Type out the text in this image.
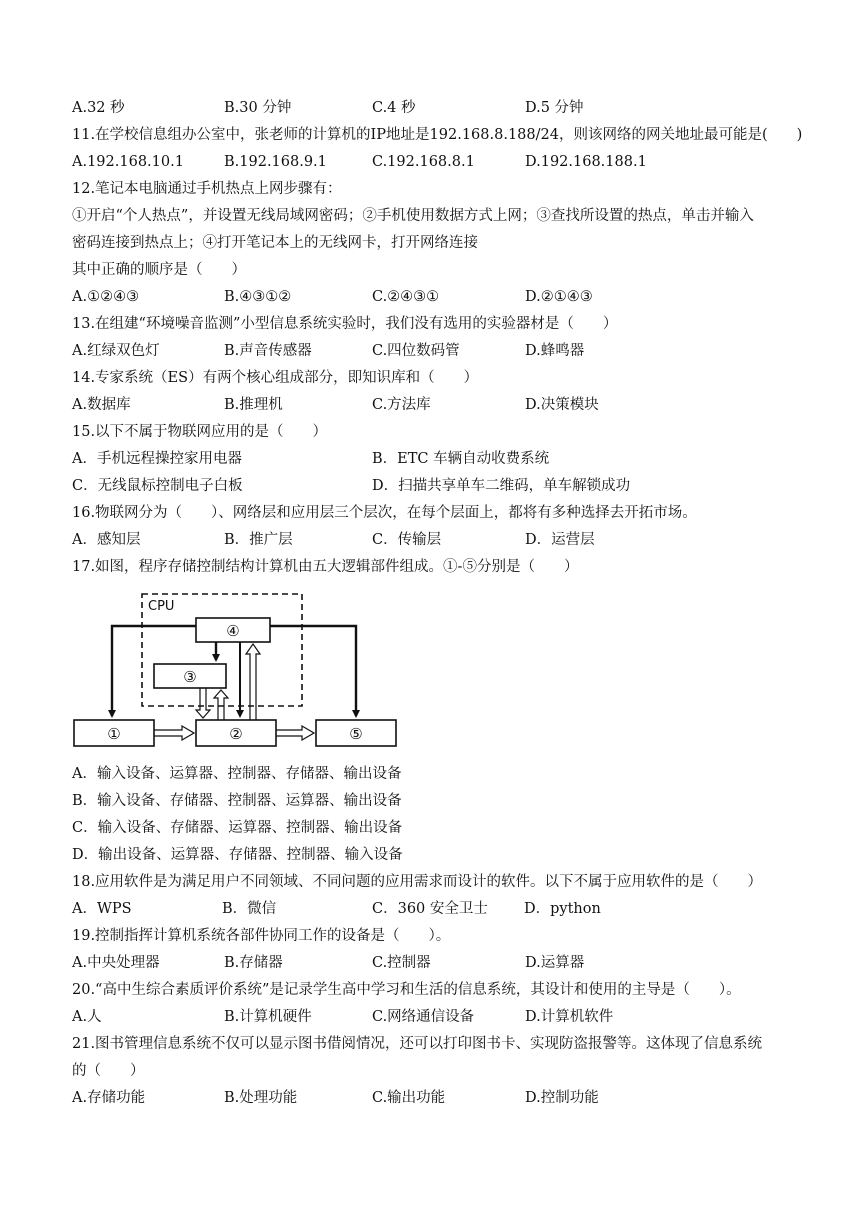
A.32 秒	B.30 分钟	C.4 秒	D.5 分钟
11.在学校信息组办公室中，张老师的计算机的IP地址是192.168.8.188/24，则该网络的网关地址最可能是(　　)
A.192.168.10.1	B.192.168.9.1	C.192.168.8.1	D.192.168.188.1
12.笔记本电脑通过手机热点上网步骤有：
①开启“个人热点”，并设置无线局域网密码；②手机使用数据方式上网；③查找所设置的热点，单击并输入
密码连接到热点上；④打开笔记本上的无线网卡，打开网络连接
其中正确的顺序是（　　）
A.①②④③	B.④③①②	C.②④③①	D.②①④③
13.在组建“环境噪音监测”小型信息系统实验时，我们没有选用的实验器材是（　　）
A.红绿双色灯	B.声音传感器	C.四位数码管	D.蜂鸣器
14.专家系统（ES）有两个核心组成部分，即知识库和（　　）
A.数据库	B.推理机	C.方法库	D.决策模块
15.以下不属于物联网应用的是（　　）
A．手机远程操控家用电器	B．ETC 车辆自动收费系统
C．无线鼠标控制电子白板	D．扫描共享单车二维码，单车解锁成功
16.物联网分为（　　）、网络层和应用层三个层次，在每个层面上，都将有多种选择去开拓市场。
A．感知层	B．推广层	C．传输层	D．运营层
17.如图，程序存储控制结构计算机由五大逻辑部件组成。①-⑤分别是（　　）
CPU
④
③
①	②	⑤
A．输入设备、运算器、控制器、存储器、输出设备
B．输入设备、存储器、控制器、运算器、输出设备
C．输入设备、存储器、运算器、控制器、输出设备
D．输出设备、运算器、存储器、控制器、输入设备
18.应用软件是为满足用户不同领域、不同问题的应用需求而设计的软件。以下不属于应用软件的是（　　）
A．WPS	B．微信	C．360 安全卫士 D．python
19.控制指挥计算机系统各部件协同工作的设备是（　　）。
A.中央处理器	B.存储器	C.控制器	D.运算器
20.“高中生综合素质评价系统”是记录学生高中学习和生活的信息系统，其设计和使用的主导是（　　）。
A.人	B.计算机硬件	C.网络通信设备	D.计算机软件
21.图书管理信息系统不仅可以显示图书借阅情况，还可以打印图书卡、实现防盗报警等。这体现了信息系统
的（　　）
A.存储功能	B.处理功能	C.输出功能	D.控制功能
